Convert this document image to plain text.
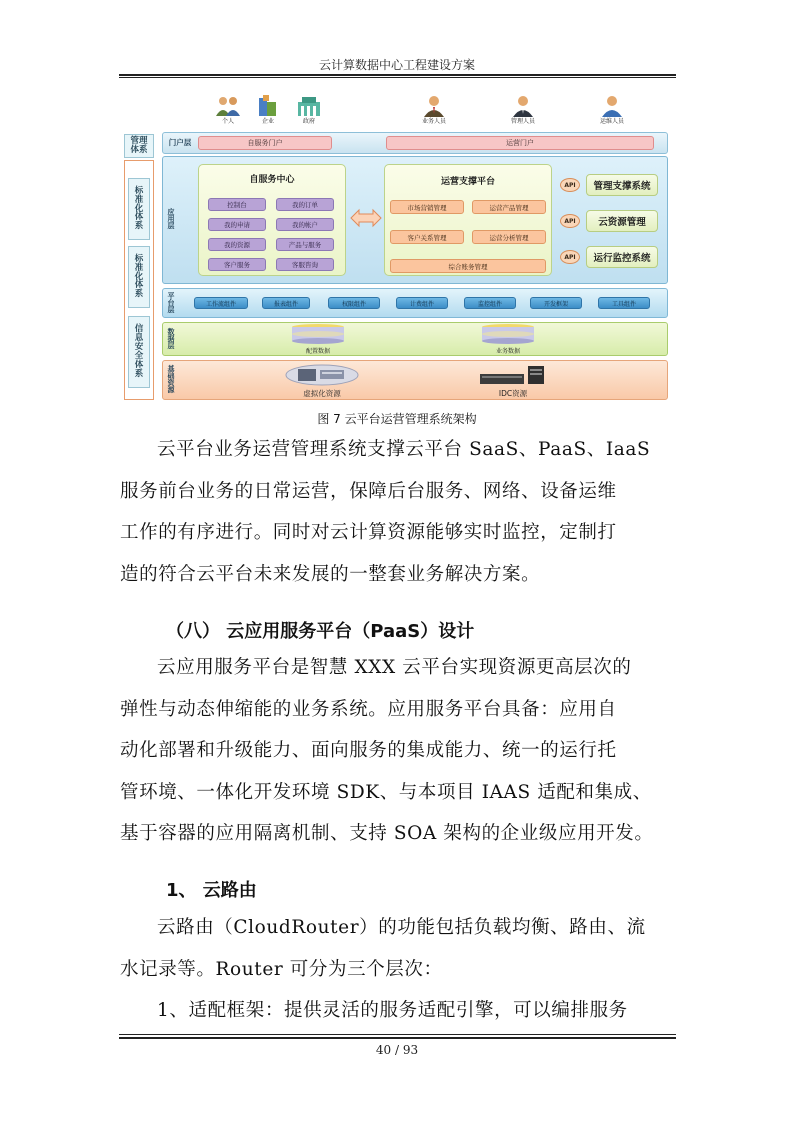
云计算数据中心工程建设方案
个人	企业	政府	业务人员	管理人员	运维人员
管理体系
标准化体系
标准化体系
信息安全体系
门户层	自服务门户	运营门户
应用层
自服务中心
控制台	我的订单
我的申请	我的帐户
我的资源	产品与服务
客户服务	客服咨询
运营支撑平台
市场营销管理	运营产品管理
客户关系管理	运营分析管理
综合账务管理
API
API
API
管理支撑系统
云资源管理
运行监控系统
平台层
工作流组件	报表组件	权限组件	计费组件	监控组件	开发框架	工具组件
数据层
配置数据	业务数据
基础资源	虚拟化资源	IDC资源
图 7 云平台运营管理系统架构
云平台业务运营管理系统支撑云平台 SaaS、PaaS、IaaS
服务前台业务的日常运营，保障后台服务、网络、设备运维
工作的有序进行。同时对云计算资源能够实时监控，定制打
造的符合云平台未来发展的一整套业务解决方案。
（八） 云应用服务平台（PaaS）设计
云应用服务平台是智慧 XXX 云平台实现资源更高层次的
弹性与动态伸缩能的业务系统。应用服务平台具备：应用自
动化部署和升级能力、面向服务的集成能力、统一的运行托
管环境、一体化开发环境 SDK、与本项目 IAAS 适配和集成、
基于容器的应用隔离机制、支持 SOA 架构的企业级应用开发。
1、 云路由
云路由（CloudRouter）的功能包括负载均衡、路由、流
水记录等。Router 可分为三个层次：
1、适配框架：提供灵活的服务适配引擎，可以编排服务
40 / 93
